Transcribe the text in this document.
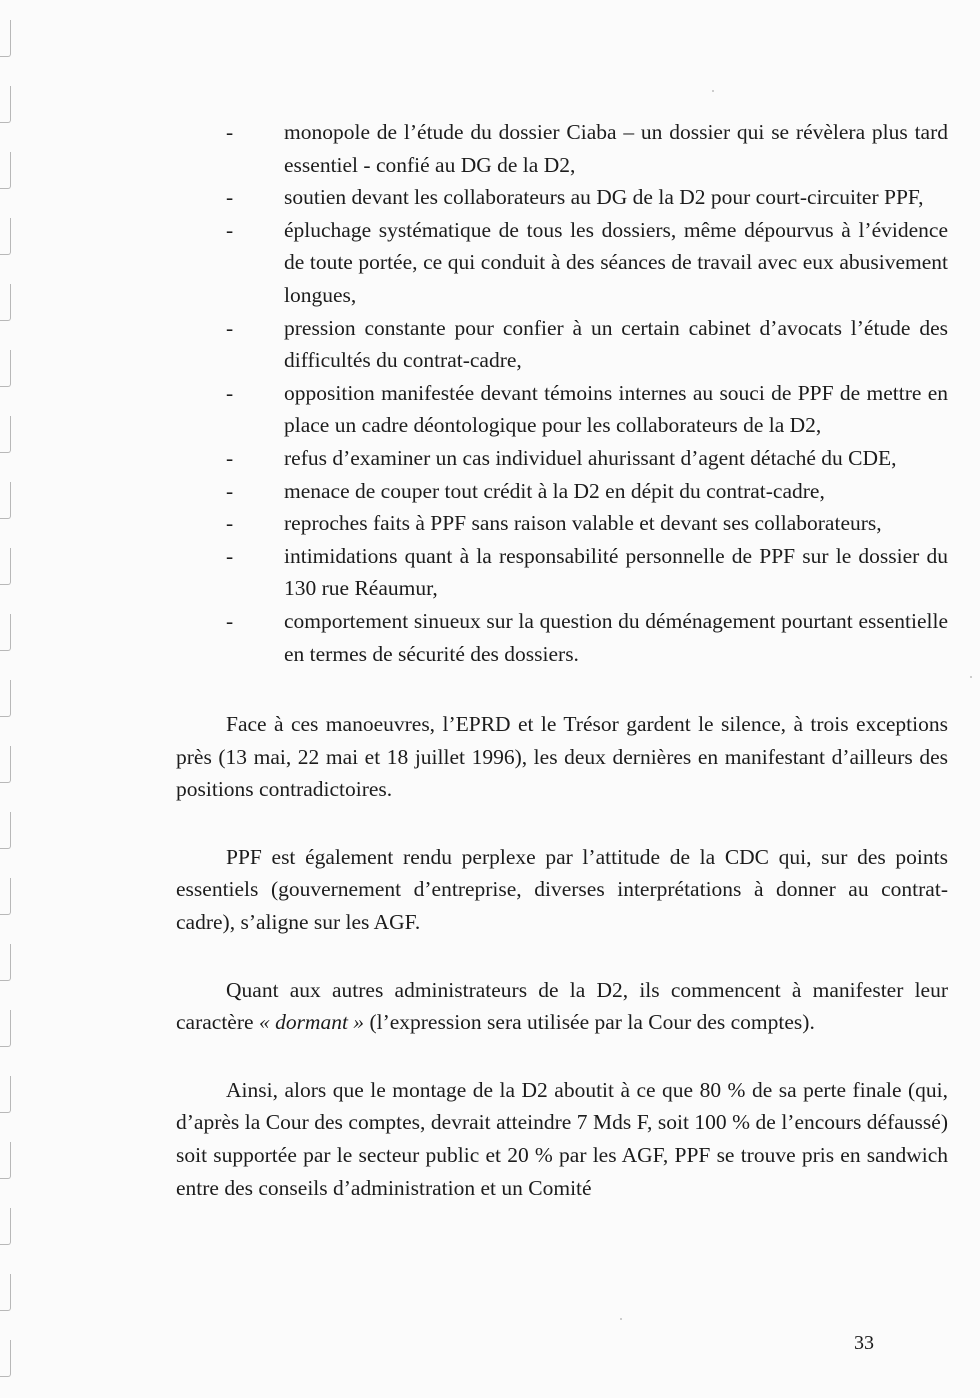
- monopole de l’étude du dossier Ciaba – un dossier qui se révèlera plus tard essentiel - confié au DG de la D2,
- soutien devant les collaborateurs au DG de la D2 pour court-circuiter PPF,
- épluchage systématique de tous les dossiers, même dépourvus à l’évidence de toute portée, ce qui conduit à des séances de travail avec eux abusivement longues,
- pression constante pour confier à un certain cabinet d’avocats l’étude des difficultés du contrat-cadre,
- opposition manifestée devant témoins internes au souci de PPF de mettre en place un cadre déontologique pour les collaborateurs de la D2,
- refus d’examiner un cas individuel ahurissant d’agent détaché du CDE,
- menace de couper tout crédit à la D2 en dépit du contrat-cadre,
- reproches faits à PPF sans raison valable et devant ses collaborateurs,
- intimidations quant à la responsabilité personnelle de PPF sur le dossier du 130 rue Réaumur,
- comportement sinueux sur la question du déménagement pourtant essentielle en termes de sécurité des dossiers.

Face à ces manoeuvres, l’EPRD et le Trésor gardent le silence, à trois exceptions près (13 mai, 22 mai et 18 juillet 1996), les deux dernières en manifestant d’ailleurs des positions contradictoires.

PPF est également rendu perplexe par l’attitude de la CDC qui, sur des points essentiels (gouvernement d’entreprise, diverses interprétations à donner au contrat-cadre), s’aligne sur les AGF.

Quant aux autres administrateurs de la D2, ils commencent à manifester leur caractère « dormant » (l’expression sera utilisée par la Cour des comptes).

Ainsi, alors que le montage de la D2 aboutit à ce que 80 % de sa perte finale (qui, d’après la Cour des comptes, devrait atteindre 7 Mds F, soit 100 % de l’encours défaussé) soit supportée par le secteur public et 20 % par les AGF, PPF se trouve pris en sandwich entre des conseils d’administration et un Comité

33
